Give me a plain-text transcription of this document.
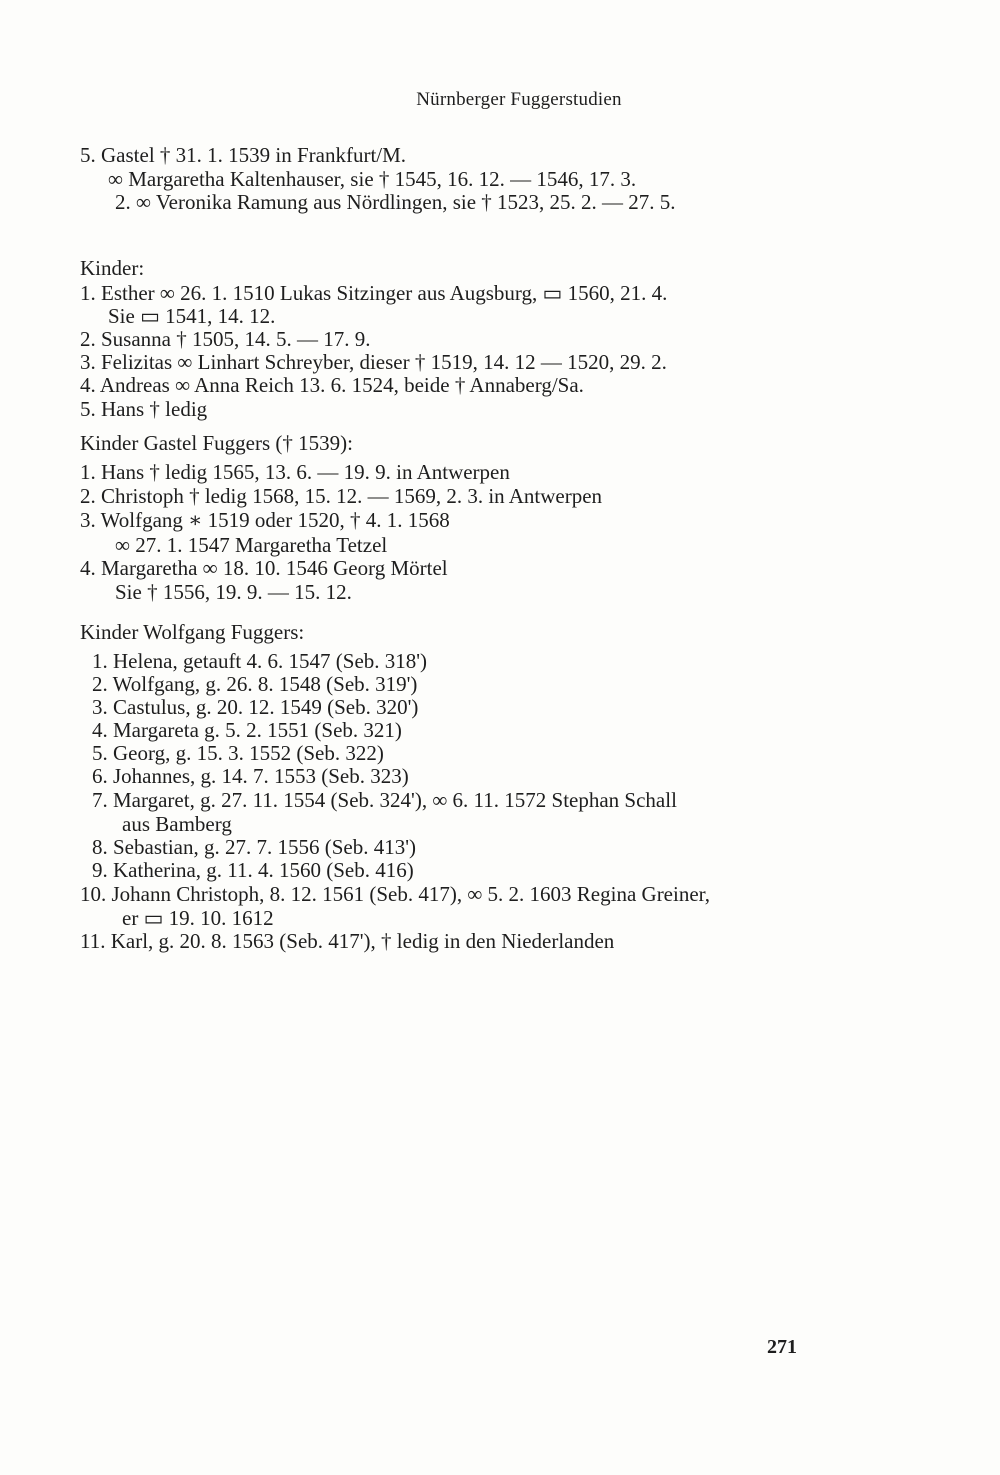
Nürnberger Fuggerstudien
5. Gastel † 31. 1. 1539 in Frankfurt/M.
∞ Margaretha Kaltenhauser, sie † 1545, 16. 12. — 1546, 17. 3.
2. ∞ Veronika Ramung aus Nördlingen, sie † 1523, 25. 2. — 27. 5.
Kinder:
1. Esther ∞ 26. 1. 1510 Lukas Sitzinger aus Augsburg, ▭ 1560, 21. 4.
Sie ▭ 1541, 14. 12.
2. Susanna † 1505, 14. 5. — 17. 9.
3. Felizitas ∞ Linhart Schreyber, dieser † 1519, 14. 12 — 1520, 29. 2.
4. Andreas ∞ Anna Reich 13. 6. 1524, beide † Annaberg/Sa.
5. Hans † ledig
Kinder Gastel Fuggers († 1539):
1. Hans † ledig 1565, 13. 6. — 19. 9. in Antwerpen
2. Christoph † ledig 1568, 15. 12. — 1569, 2. 3. in Antwerpen
3. Wolfgang ∗ 1519 oder 1520, † 4. 1. 1568
∞ 27. 1. 1547 Margaretha Tetzel
4. Margaretha ∞ 18. 10. 1546 Georg Mörtel
Sie † 1556, 19. 9. — 15. 12.
Kinder Wolfgang Fuggers:
1. Helena, getauft 4. 6. 1547 (Seb. 318')
2. Wolfgang, g. 26. 8. 1548 (Seb. 319')
3. Castulus, g. 20. 12. 1549 (Seb. 320')
4. Margareta g. 5. 2. 1551 (Seb. 321)
5. Georg, g. 15. 3. 1552 (Seb. 322)
6. Johannes, g. 14. 7. 1553 (Seb. 323)
7. Margaret, g. 27. 11. 1554 (Seb. 324'), ∞ 6. 11. 1572 Stephan Schall
aus Bamberg
8. Sebastian, g. 27. 7. 1556 (Seb. 413')
9. Katherina, g. 11. 4. 1560 (Seb. 416)
10. Johann Christoph, 8. 12. 1561 (Seb. 417), ∞ 5. 2. 1603 Regina Greiner,
er ▭ 19. 10. 1612
11. Karl, g. 20. 8. 1563 (Seb. 417'), † ledig in den Niederlanden
271
